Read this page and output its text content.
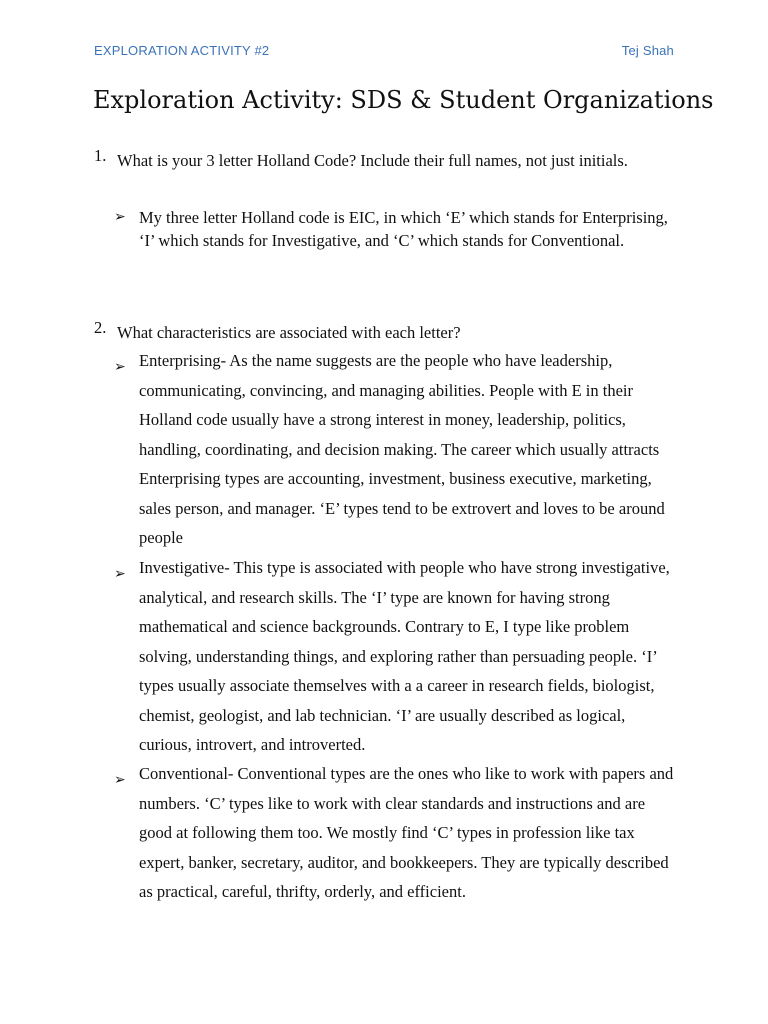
EXPLORATION ACTIVITY #2	Tej Shah
Exploration Activity: SDS & Student Organizations
1. What is your 3 letter Holland Code? Include their full names, not just initials.
➢ My three letter Holland code is EIC, in which ‘E’ which stands for Enterprising, ‘I’ which stands for Investigative, and ‘C’ which stands for Conventional.
2. What characteristics are associated with each letter?
➢ Enterprising- As the name suggests are the people who have leadership, communicating, convincing, and managing abilities. People with E in their Holland code usually have a strong interest in money, leadership, politics, handling, coordinating, and decision making. The career which usually attracts Enterprising types are accounting, investment, business executive, marketing, sales person, and manager. ‘E’ types tend to be extrovert and loves to be around people
➢ Investigative- This type is associated with people who have strong investigative, analytical, and research skills. The ‘I’ type are known for having strong mathematical and science backgrounds. Contrary to E, I type like problem solving, understanding things, and exploring rather than persuading people. ‘I’ types usually associate themselves with a a career in research fields, biologist, chemist, geologist, and lab technician. ‘I’ are usually described as logical, curious, introvert, and introverted.
➢ Conventional- Conventional types are the ones who like to work with papers and numbers. ‘C’ types like to work with clear standards and instructions and are good at following them too. We mostly find ‘C’ types in profession like tax expert, banker, secretary, auditor, and bookkeepers. They are typically described as practical, careful, thrifty, orderly, and efficient.
